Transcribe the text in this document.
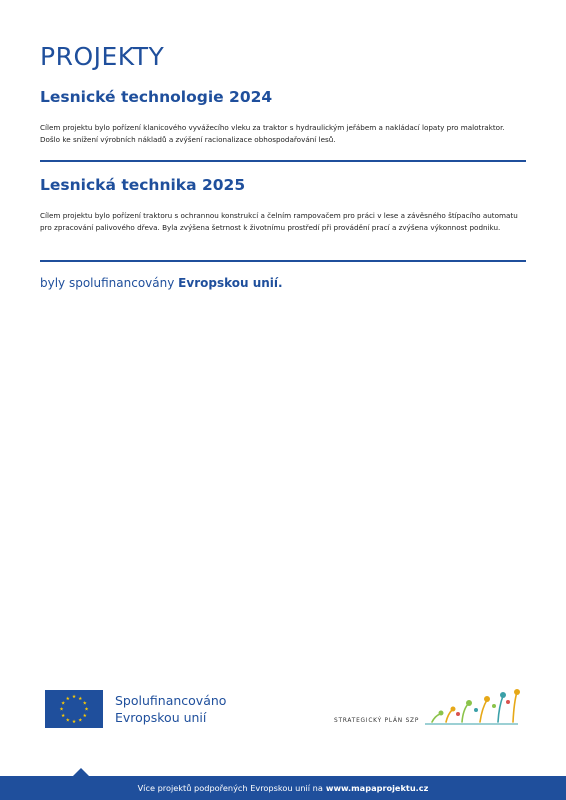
PROJEKTY
Lesnické technologie 2024

Cílem projektu bylo pořízení klanicového vyvážecího vleku za traktor s hydraulickým jeřábem a nakládací lopaty pro malotraktor. Došlo ke snížení výrobních nákladů a zvýšení racionalizace obhospodařování lesů.

Lesnická technika 2025

Cílem projektu bylo pořízení traktoru s ochrannou konstrukcí a čelním rampovačem pro práci v lese a závěsného štípacího automatu pro zpracování palivového dřeva. Byla zvýšena šetrnost k životnímu prostředí při provádění prací a zvýšena výkonnost podniku.

byly spolufinancovány Evropskou unií.
★ ★
★
★
★
★
★
★
★
★
★
★	Spolufinancováno
Evropskou unií	STRATEGICKÝ PLÁN SZP
Více projektů podpořených Evropskou unií na www.mapaprojektu.cz
